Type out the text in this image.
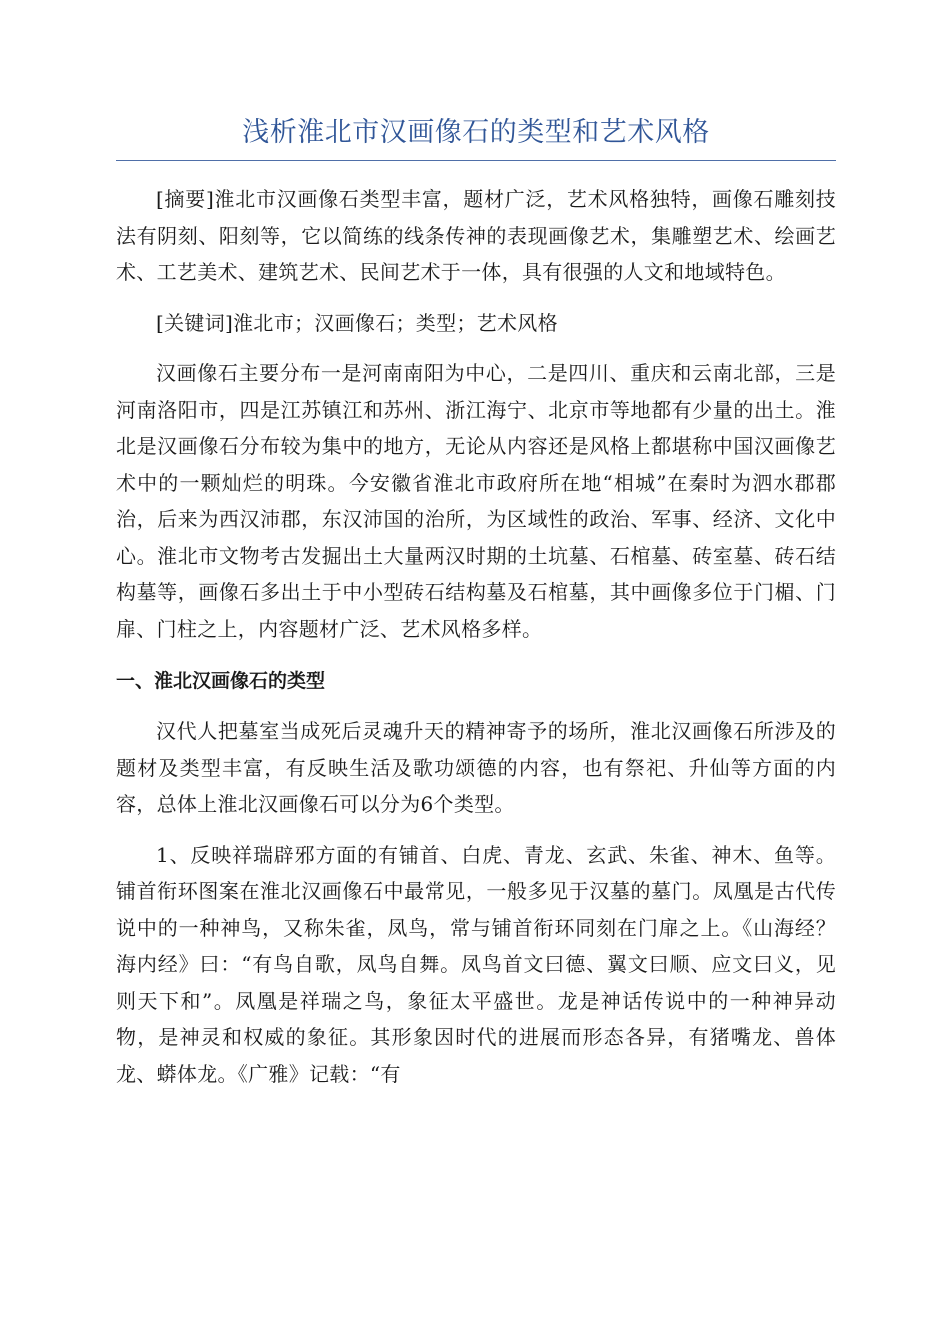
浅析淮北市汉画像石的类型和艺术风格

[摘要]淮北市汉画像石类型丰富，题材广泛，艺术风格独特，画像石雕刻技法有阴刻、阳刻等，它以简练的线条传神的表现画像艺术，集雕塑艺术、绘画艺术、工艺美术、建筑艺术、民间艺术于一体，具有很强的人文和地域特色。

[关键词]淮北市；汉画像石；类型；艺术风格

汉画像石主要分布一是河南南阳为中心，二是四川、重庆和云南北部，三是河南洛阳市，四是江苏镇江和苏州、浙江海宁、北京市等地都有少量的出土。淮北是汉画像石分布较为集中的地方，无论从内容还是风格上都堪称中国汉画像艺术中的一颗灿烂的明珠。今安徽省淮北市政府所在地“相城”在秦时为泗水郡郡治，后来为西汉沛郡，东汉沛国的治所，为区域性的政治、军事、经济、文化中心。淮北市文物考古发掘出土大量两汉时期的土坑墓、石棺墓、砖室墓、砖石结构墓等，画像石多出土于中小型砖石结构墓及石棺墓，其中画像多位于门楣、门扉、门柱之上，内容题材广泛、艺术风格多样。

一、淮北汉画像石的类型

汉代人把墓室当成死后灵魂升天的精神寄予的场所，淮北汉画像石所涉及的题材及类型丰富，有反映生活及歌功颂德的内容，也有祭祀、升仙等方面的内容，总体上淮北汉画像石可以分为6个类型。

1、反映祥瑞辟邪方面的有铺首、白虎、青龙、玄武、朱雀、神木、鱼等。铺首衔环图案在淮北汉画像石中最常见，一般多见于汉墓的墓门。凤凰是古代传说中的一种神鸟，又称朱雀，凤鸟，常与铺首衔环同刻在门扉之上。《山海经？海内经》曰：“有鸟自歌，凤鸟自舞。凤鸟首文曰德、翼文曰顺、应文曰义，见则天下和”。凤凰是祥瑞之鸟，象征太平盛世。龙是神话传说中的一种神异动物，是神灵和权威的象征。其形象因时代的进展而形态各异，有猪嘴龙、兽体龙、蟒体龙。《广雅》记载：“有
